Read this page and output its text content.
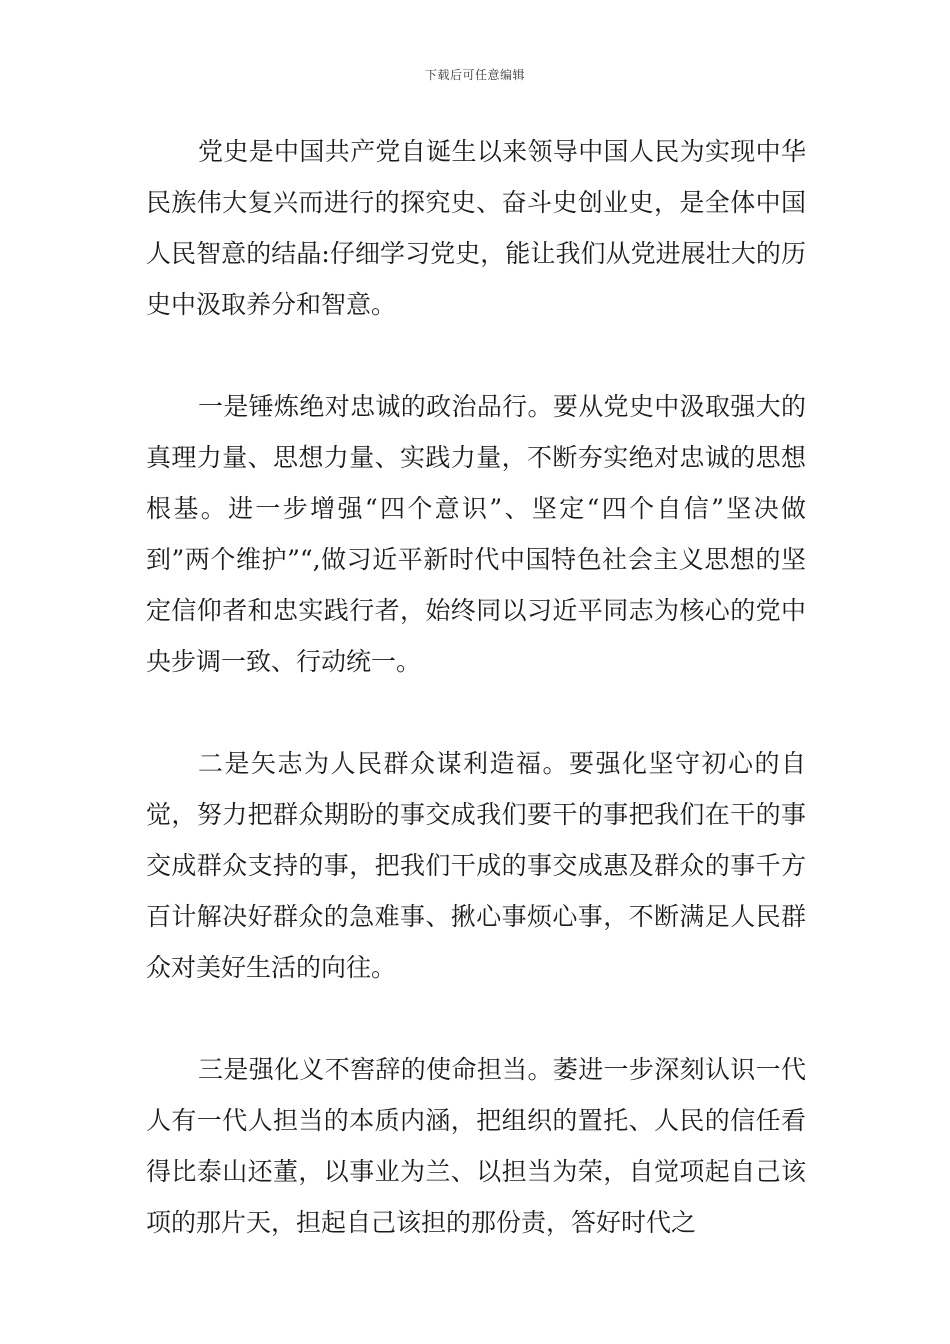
下载后可任意编辑

党史是中国共产党自诞生以来领导中国人民为实现中华民族伟大复兴而进行的探究史、奋斗史创业史，是全体中国人民智意的结晶:仔细学习党史，能让我们从党进展壮大的历史中汲取养分和智意。

一是锤炼绝对忠诚的政治品行。要从党史中汲取强大的真理力量、思想力量、实践力量，不断夯实绝对忠诚的思想根基。进一步增强“四个意识”、坚定“四个自信”坚决做到”两个维护”“,做习近平新时代中国特色社会主义思想的坚定信仰者和忠实践行者，始终同以习近平同志为核心的党中央步调一致、行动统一。

二是矢志为人民群众谋利造福。要强化坚守初心的自觉，努力把群众期盼的事交成我们要干的事把我们在干的事交成群众支持的事，把我们干成的事交成惠及群众的事千方百计解决好群众的急难事、揪心事烦心事，不断满足人民群众对美好生活的向往。

三是强化义不窖辞的使命担当。萎进一步深刻认识一代人有一代人担当的本质内涵，把组织的置托、人民的信任看得比泰山还董，以事业为兰、以担当为荣，自觉项起自己该项的那片天，担起自己该担的那份责，答好时代之
